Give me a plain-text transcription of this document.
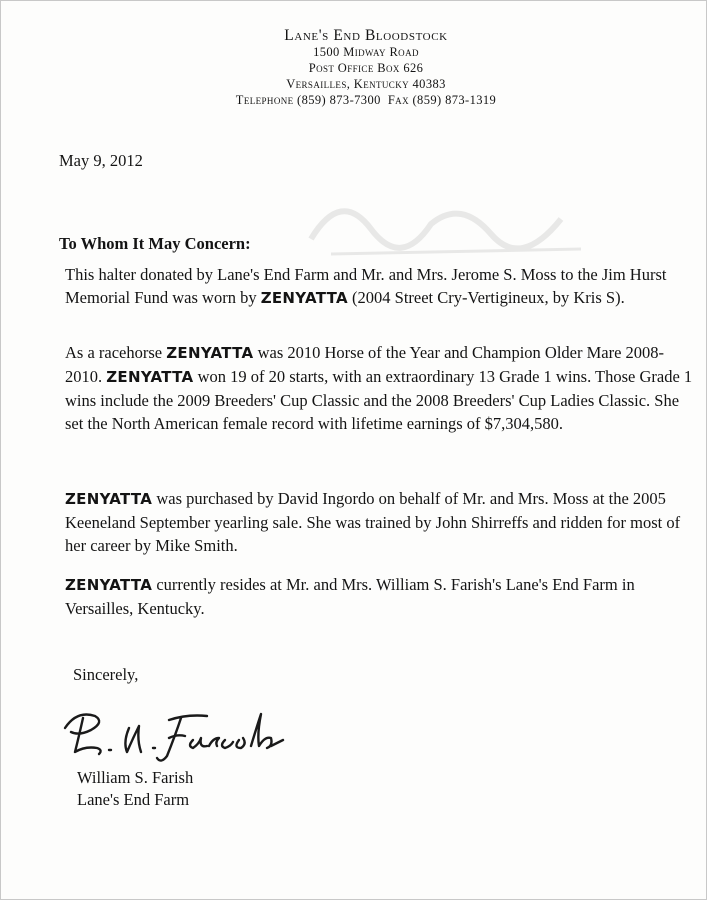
Lane's End Bloodstock
1500 Midway Road
Post Office Box 626
Versailles, Kentucky 40383
Telephone (859) 873-7300 Fax (859) 873-1319
May 9, 2012
To Whom It May Concern:

This halter donated by Lane's End Farm and Mr. and Mrs. Jerome S. Moss to the Jim Hurst Memorial Fund was worn by ZENYATTA (2004 Street Cry-Vertigineux, by Kris S).

As a racehorse ZENYATTA was 2010 Horse of the Year and Champion Older Mare 2008-2010. ZENYATTA won 19 of 20 starts, with an extraordinary 13 Grade 1 wins. Those Grade 1 wins include the 2009 Breeders' Cup Classic and the 2008 Breeders' Cup Ladies Classic. She set the North American female record with lifetime earnings of $7,304,580.

ZENYATTA was purchased by David Ingordo on behalf of Mr. and Mrs. Moss at the 2005 Keeneland September yearling sale. She was trained by John Shirreffs and ridden for most of her career by Mike Smith.

ZENYATTA currently resides at Mr. and Mrs. William S. Farish's Lane's End Farm in Versailles, Kentucky.

Sincerely,
William S. Farish
Lane's End Farm
